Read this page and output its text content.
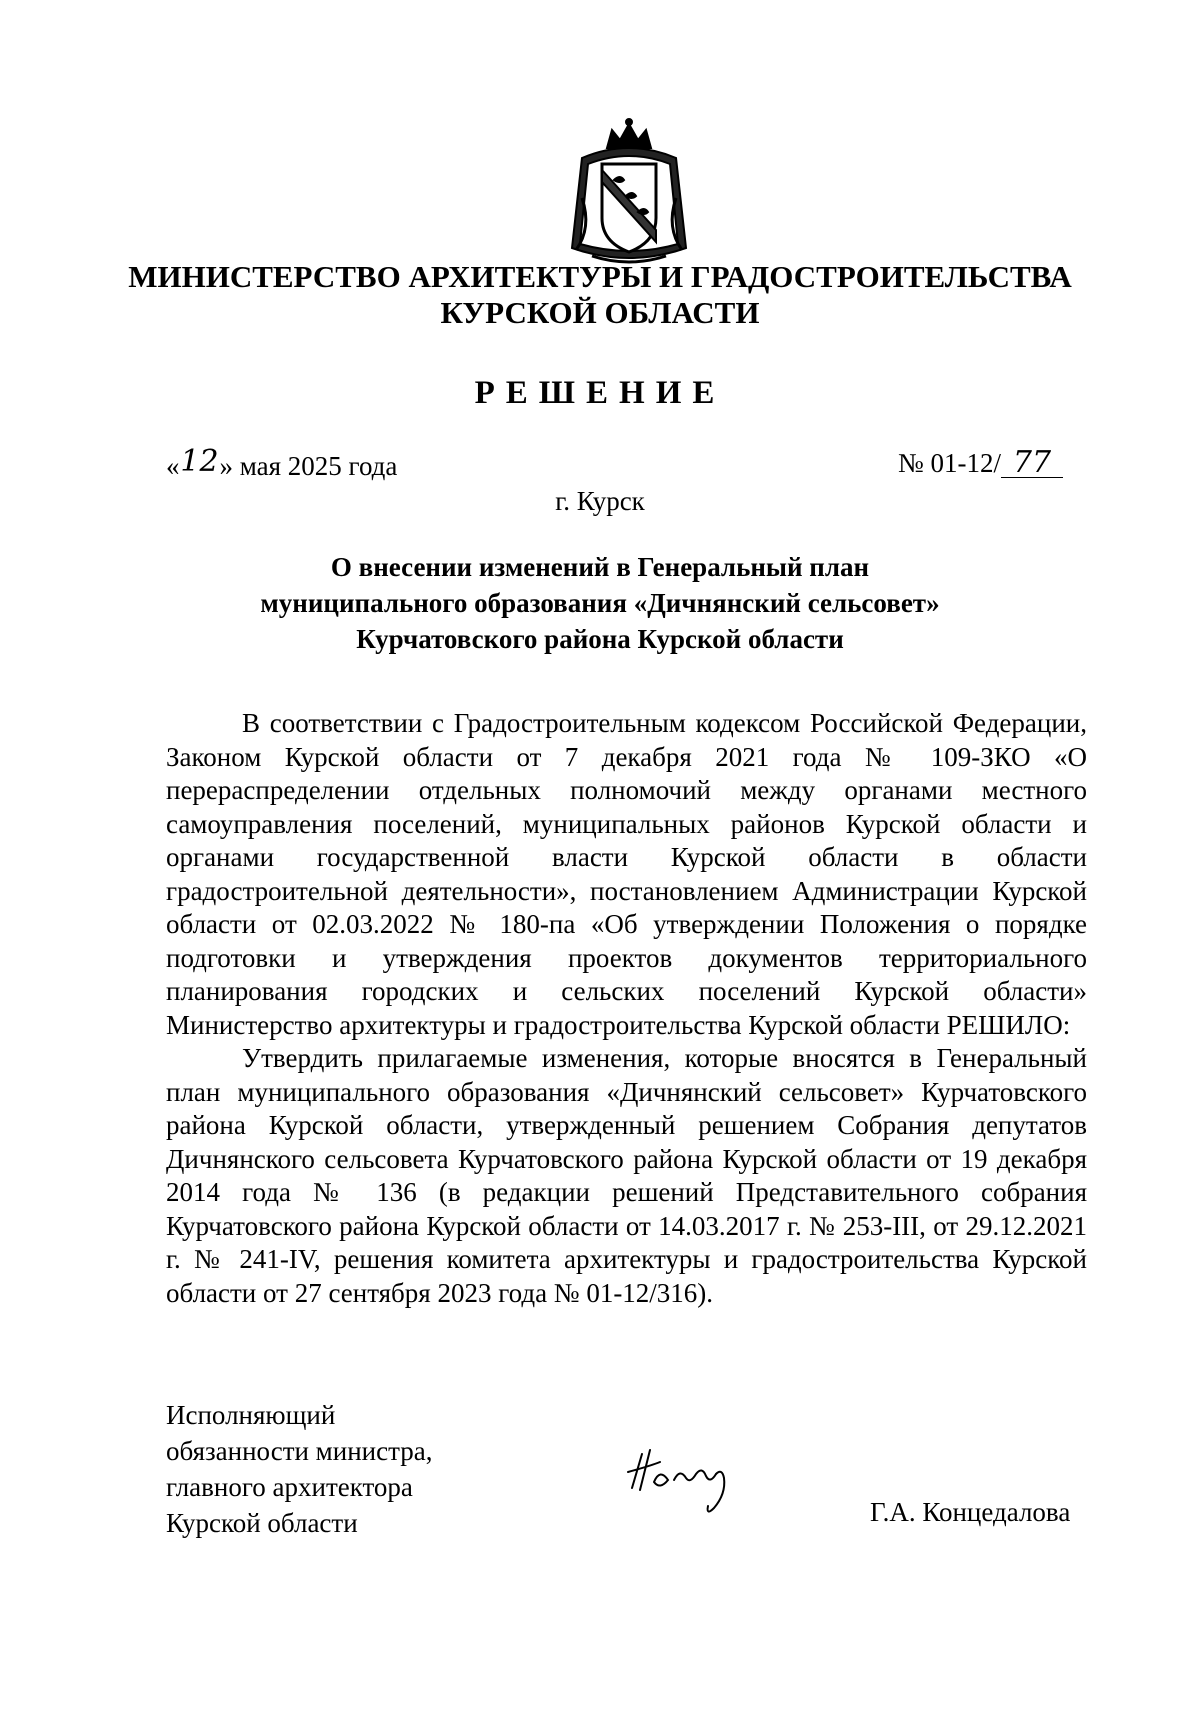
МИНИСТЕРСТВО АРХИТЕКТУРЫ И ГРАДОСТРОИТЕЛЬСТВА
КУРСКОЙ ОБЛАСТИ
РЕШЕНИЕ
«12» мая 2025 года	№ 01-12/ 77
г. Курск
О внесении изменений в Генеральный план
муниципального образования «Дичнянский сельсовет»
Курчатовского района Курской области

В соответствии с Градостроительным кодексом Российской Федерации, Законом Курской области от 7 декабря 2021 года № 109-ЗКО «О перераспределении отдельных полномочий между органами местного самоуправления поселений, муниципальных районов Курской области и органами государственной власти Курской области в области градостроительной деятельности», постановлением Администрации Курской области от 02.03.2022 № 180-па «Об утверждении Положения о порядке подготовки и утверждения проектов документов территориального планирования городских и сельских поселений Курской области» Министерство архитектуры и градостроительства Курской области РЕШИЛО:

Утвердить прилагаемые изменения, которые вносятся в Генеральный план муниципального образования «Дичнянский сельсовет» Курчатовского района Курской области, утвержденный решением Собрания депутатов Дичнянского сельсовета Курчатовского района Курской области от 19 декабря 2014 года № 136 (в редакции решений Представительного собрания Курчатовского района Курской области от 14.03.2017 г. № 253-III, от 29.12.2021 г. № 241-IV, решения комитета архитектуры и градостроительства Курской области от 27 сентября 2023 года № 01-12/316).

Исполняющий
обязанности министра,
главного архитектора
Курской области	Г.А. Концедалова
